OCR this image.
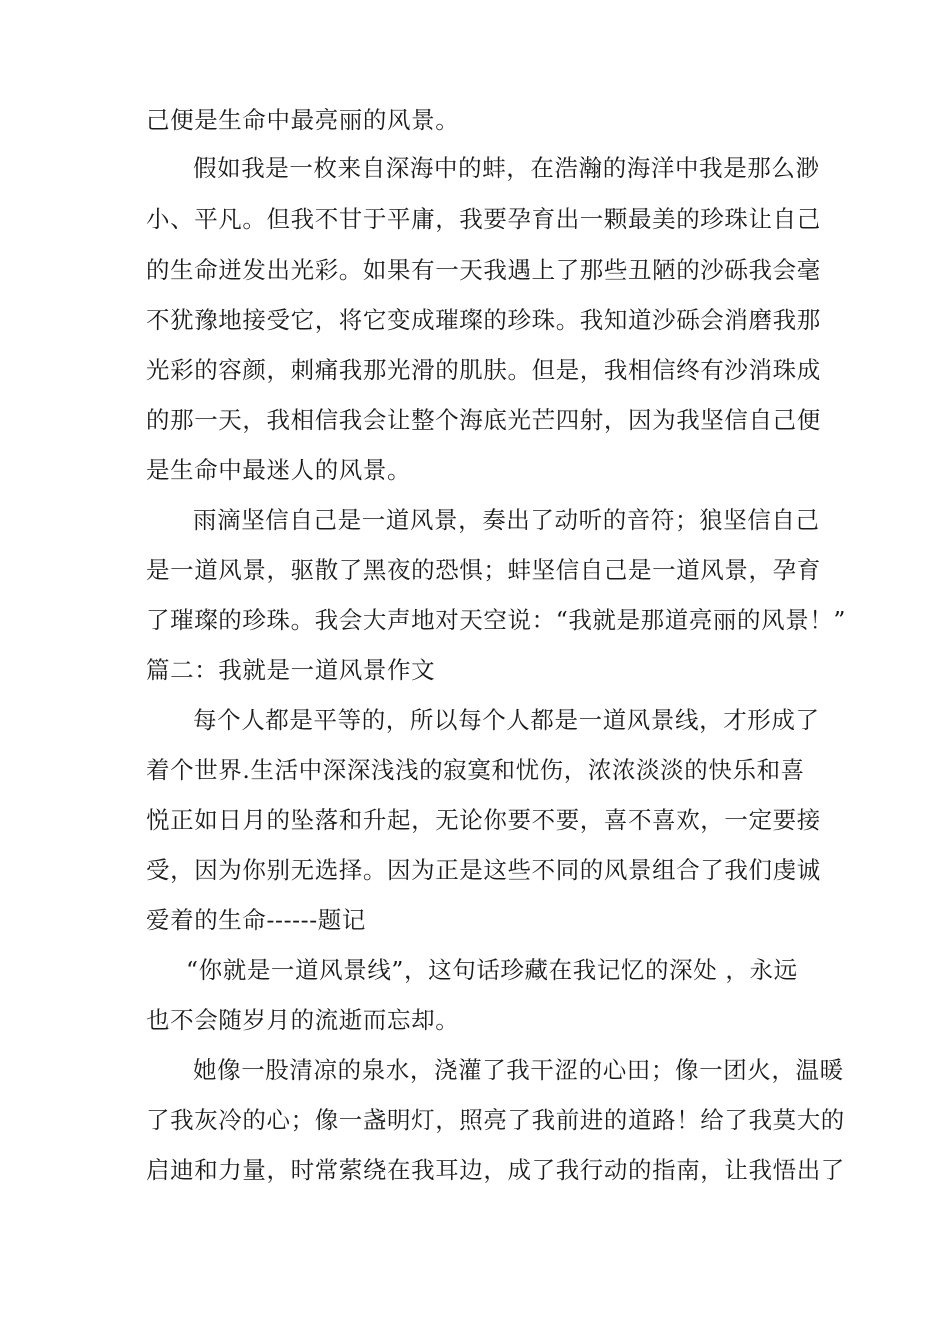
己便是生命中最亮丽的风景。
假如我是一枚来自深海中的蚌，在浩瀚的海洋中我是那么渺
小、平凡。但我不甘于平庸，我要孕育出一颗最美的珍珠让自己
的生命迸发出光彩。如果有一天我遇上了那些丑陋的沙砾我会毫
不犹豫地接受它，将它变成璀璨的珍珠。我知道沙砾会消磨我那
光彩的容颜，刺痛我那光滑的肌肤。但是，我相信终有沙消珠成
的那一天，我相信我会让整个海底光芒四射，因为我坚信自己便
是生命中最迷人的风景。
雨滴坚信自己是一道风景，奏出了动听的音符；狼坚信自己
是一道风景，驱散了黑夜的恐惧；蚌坚信自己是一道风景，孕育
了璀璨的珍珠。我会大声地对天空说：“我就是那道亮丽的风景！”
篇二：我就是一道风景作文
每个人都是平等的，所以每个人都是一道风景线，才形成了
着个世界.生活中深深浅浅的寂寞和忧伤，浓浓淡淡的快乐和喜
悦正如日月的坠落和升起，无论你要不要，喜不喜欢，一定要接
受，因为你别无选择。因为正是这些不同的风景组合了我们虔诚
爱着的生命------题记
“你就是一道风景线”，这句话珍藏在我记忆的深处 ，永远
也不会随岁月的流逝而忘却。
她像一股清凉的泉水，浇灌了我干涩的心田；像一团火，温暖
了我灰冷的心；像一盏明灯，照亮了我前进的道路！给了我莫大的
启迪和力量，时常萦绕在我耳边，成了我行动的指南，让我悟出了
